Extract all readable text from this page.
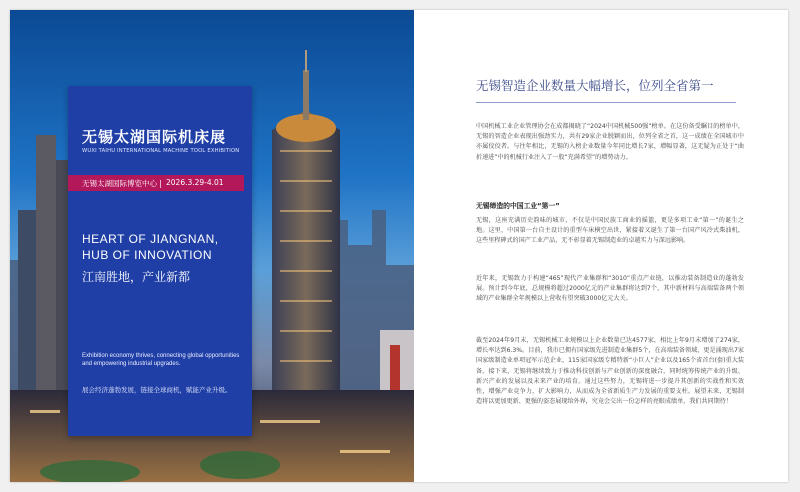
无锡太湖国际机床展
WUXI TAIHU INTERNATIONAL MACHINE TOOL EXHIBITION
无锡太湖国际博览中心 | 2026.3.29-4.01
HEART OF JIANGNAN,
HUB OF INNOVATION
江南胜地，产业新都
Exhibition economy thrives, connecting global opportunities and empowering industrial upgrades.
展会经济蓬勃发展，链接全球商机，赋能产业升级。
无锡智造企业数量大幅增长，位列全省第一
中国机械工业企业管理协会在成都揭晓了“2024中国机械500强”榜单。在这份备受瞩目的榜单中，无锡的智造企业表现出强劲实力，共有29家企业脱颖而出，位列全省之首，这一成绩在全国城市中亦属佼佼者。与往年相比，无锡的入榜企业数量今年同比增长7家，增幅显著，这无疑为正处于“曲折递进”中的机械行业注入了一股“充满希望”的增势动力。
无锡缔造的中国工业“第一”
无锡，这座充满历史韵味的城市，不仅是中国民族工商业的摇篮，更是多项工业“第一”的诞生之地。这里，中国第一台自主设计的重型车床横空出世，紧接着又诞生了第一台国产风冷式柴油机，这些里程碑式的国产工业产品，无不彰显着无锡制造业的卓越实力与深远影响。
近年来，无锡致力于构建“465”现代产业集群和“3010”重点产业链，以推动装备制造业的蓬勃发展。预计到今年底，总规模将超过2000亿元的产业集群将达到7个，其中新材料与高端装备两个领域的产业集群全年规模以上营收有望突破3000亿元大关。
截至2024年9月末，无锡机械工业规模以上企业数量已达4577家，相比上年9月末增加了274家，增长率达到6.3%。目前，我市已拥有国家级先进制造业集群5个，在高端装备领域，更是涌现出7家国家级制造业单项冠军示范企业，115家国家级专精特新“小巨人”企业以及165个省首台(套)重大装备。接下来，无锡将继续致力于推动科技创新与产业创新的深度融合，同时统筹传统产业的升级、新兴产业的发展以及未来产业的培育。通过这些努力，无锡将进一步提升其创新的实战性和实效性，增强产业竞争力，扩大影响力，从而成为全省新质生产力发展的重要支柱。展望未来，无锡制造将以更加更新、更强的姿态展现给外界，究竟会交出一份怎样的亮眼成绩单，我们共同期待！
